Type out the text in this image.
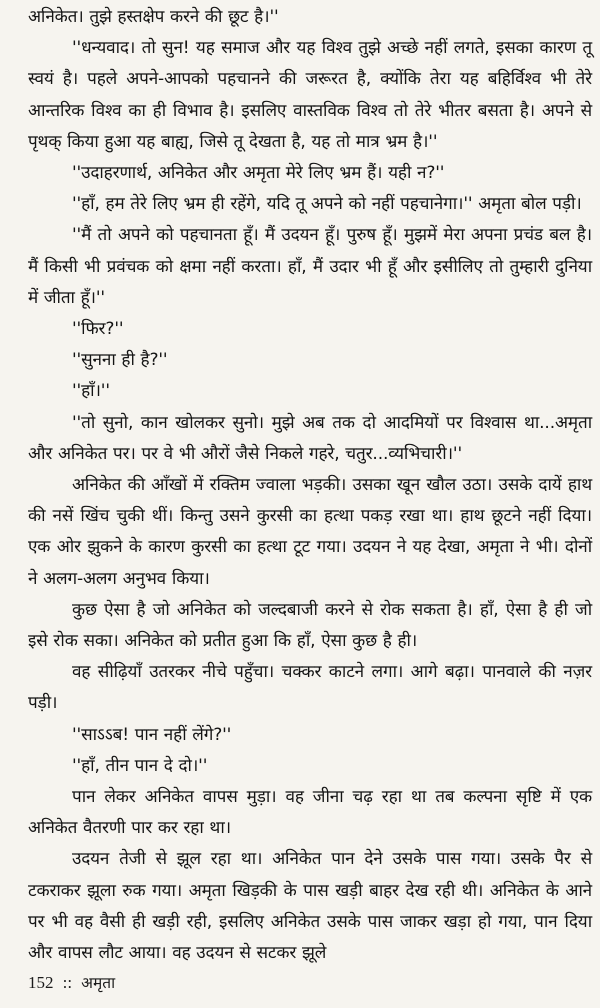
अनिकेत। तुझे हस्तक्षेप करने की छूट है।''

''धन्यवाद। तो सुन! यह समाज और यह विश्व तुझे अच्छे नहीं लगते, इसका कारण तू स्वयं है। पहले अपने-आपको पहचानने की जरूरत है, क्योंकि तेरा यह बहिर्विश्व भी तेरे आन्तरिक विश्व का ही विभाव है। इसलिए वास्तविक विश्व तो तेरे भीतर बसता है। अपने से पृथक् किया हुआ यह बाह्य, जिसे तू देखता है, यह तो मात्र भ्रम है।''

''उदाहरणार्थ, अनिकेत और अमृता मेरे लिए भ्रम हैं। यही न?''

''हाँ, हम तेरे लिए भ्रम ही रहेंगे, यदि तू अपने को नहीं पहचानेगा।'' अमृता बोल पड़ी।

''मैं तो अपने को पहचानता हूँ। मैं उदयन हूँ। पुरुष हूँ। मुझमें मेरा अपना प्रचंड बल है। मैं किसी भी प्रवंचक को क्षमा नहीं करता। हाँ, मैं उदार भी हूँ और इसीलिए तो तुम्हारी दुनिया में जीता हूँ।''

''फिर?''

''सुनना ही है?''

''हाँ।''

''तो सुनो, कान खोलकर सुनो। मुझे अब तक दो आदमियों पर विश्वास था...अमृता और अनिकेत पर। पर वे भी औरों जैसे निकले गहरे, चतुर...व्यभिचारी।''

अनिकेत की आँखों में रक्तिम ज्वाला भड़की। उसका खून खौल उठा। उसके दायें हाथ की नसें खिंच चुकी थीं। किन्तु उसने कुरसी का हत्था पकड़ रखा था। हाथ छूटने नहीं दिया। एक ओर झुकने के कारण कुरसी का हत्था टूट गया। उदयन ने यह देखा, अमृता ने भी। दोनों ने अलग-अलग अनुभव किया।

कुछ ऐसा है जो अनिकेत को जल्दबाजी करने से रोक सकता है। हाँ, ऐसा है ही जो इसे रोक सका। अनिकेत को प्रतीत हुआ कि हाँ, ऐसा कुछ है ही।

वह सीढ़ियाँ उतरकर नीचे पहुँचा। चक्कर काटने लगा। आगे बढ़ा। पानवाले की नज़र पड़ी।

''साऽऽब! पान नहीं लेंगे?''

''हाँ, तीन पान दे दो।''

पान लेकर अनिकेत वापस मुड़ा। वह जीना चढ़ रहा था तब कल्पना सृष्टि में एक अनिकेत वैतरणी पार कर रहा था।

उदयन तेजी से झूल रहा था। अनिकेत पान देने उसके पास गया। उसके पैर से टकराकर झूला रुक गया। अमृता खिड़की के पास खड़ी बाहर देख रही थी। अनिकेत के आने पर भी वह वैसी ही खड़ी रही, इसलिए अनिकेत उसके पास जाकर खड़ा हो गया, पान दिया और वापस लौट आया। वह उदयन से सटकर झूले

152 :: अमृता
